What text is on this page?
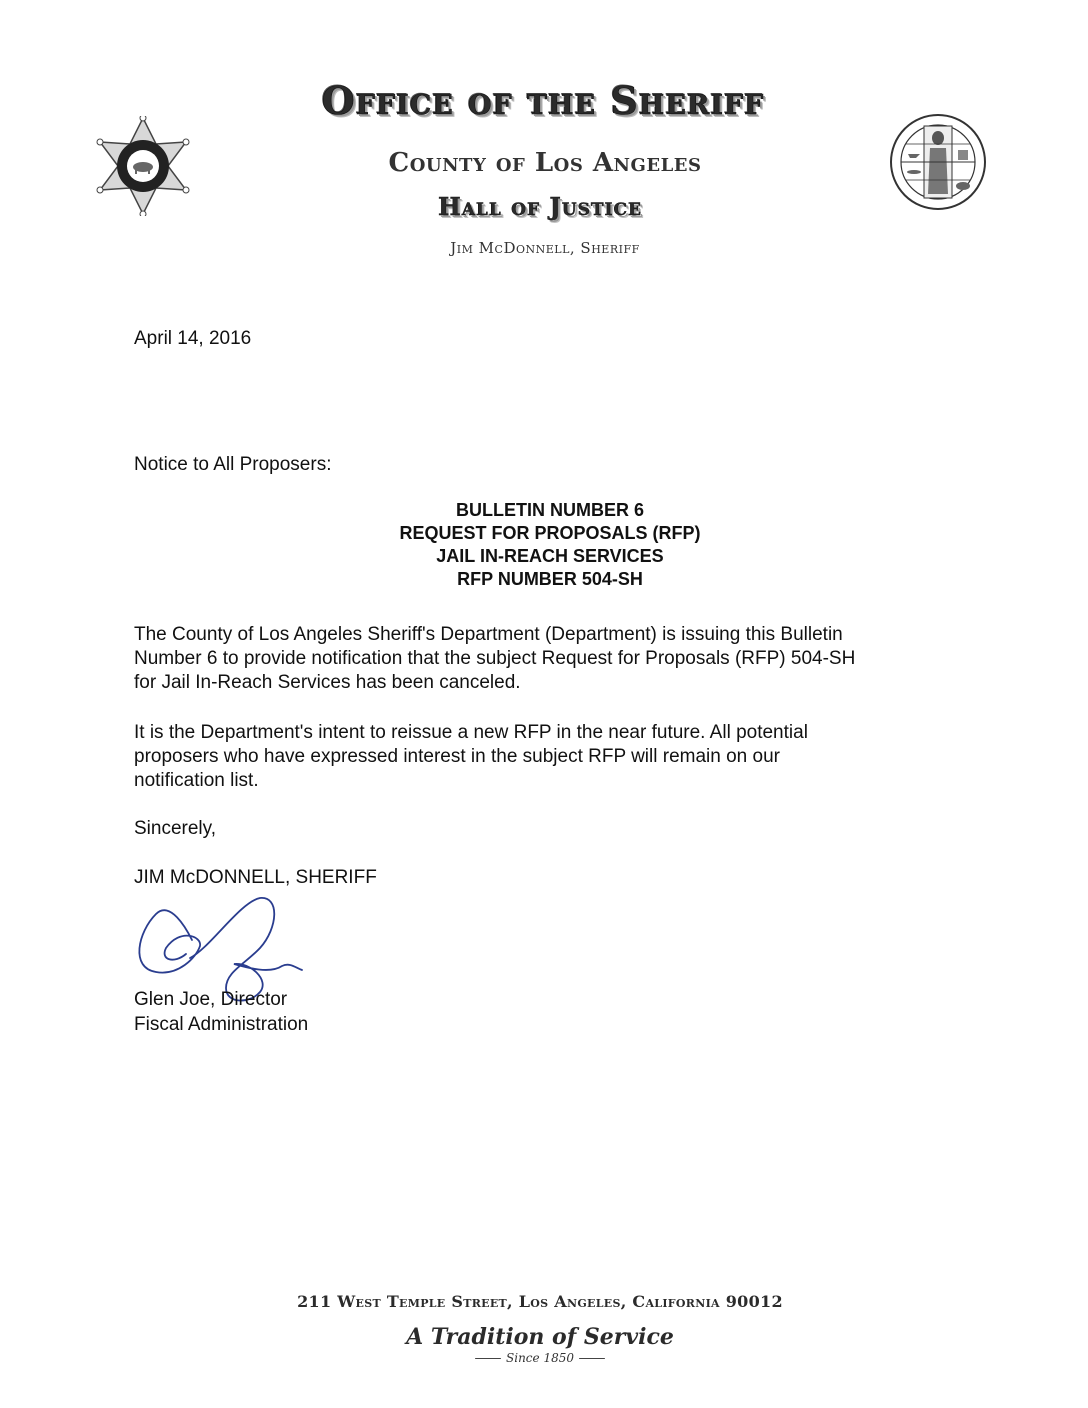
Office of the Sheriff
County of Los Angeles
Hall of Justice
Jim McDonnell, Sheriff
April 14, 2016
Notice to All Proposers:
BULLETIN NUMBER 6
REQUEST FOR PROPOSALS (RFP)
JAIL IN-REACH SERVICES
RFP NUMBER 504-SH
The County of Los Angeles Sheriff's Department (Department) is issuing this Bulletin
Number 6 to provide notification that the subject Request for Proposals (RFP) 504-SH
for Jail In-Reach Services has been canceled.
It is the Department's intent to reissue a new RFP in the near future. All potential
proposers who have expressed interest in the subject RFP will remain on our
notification list.
Sincerely,
JIM McDONNELL, SHERIFF
Glen Joe, Director
Fiscal Administration
211 West Temple Street, Los Angeles, California 90012
A Tradition of Service
Since 1850
